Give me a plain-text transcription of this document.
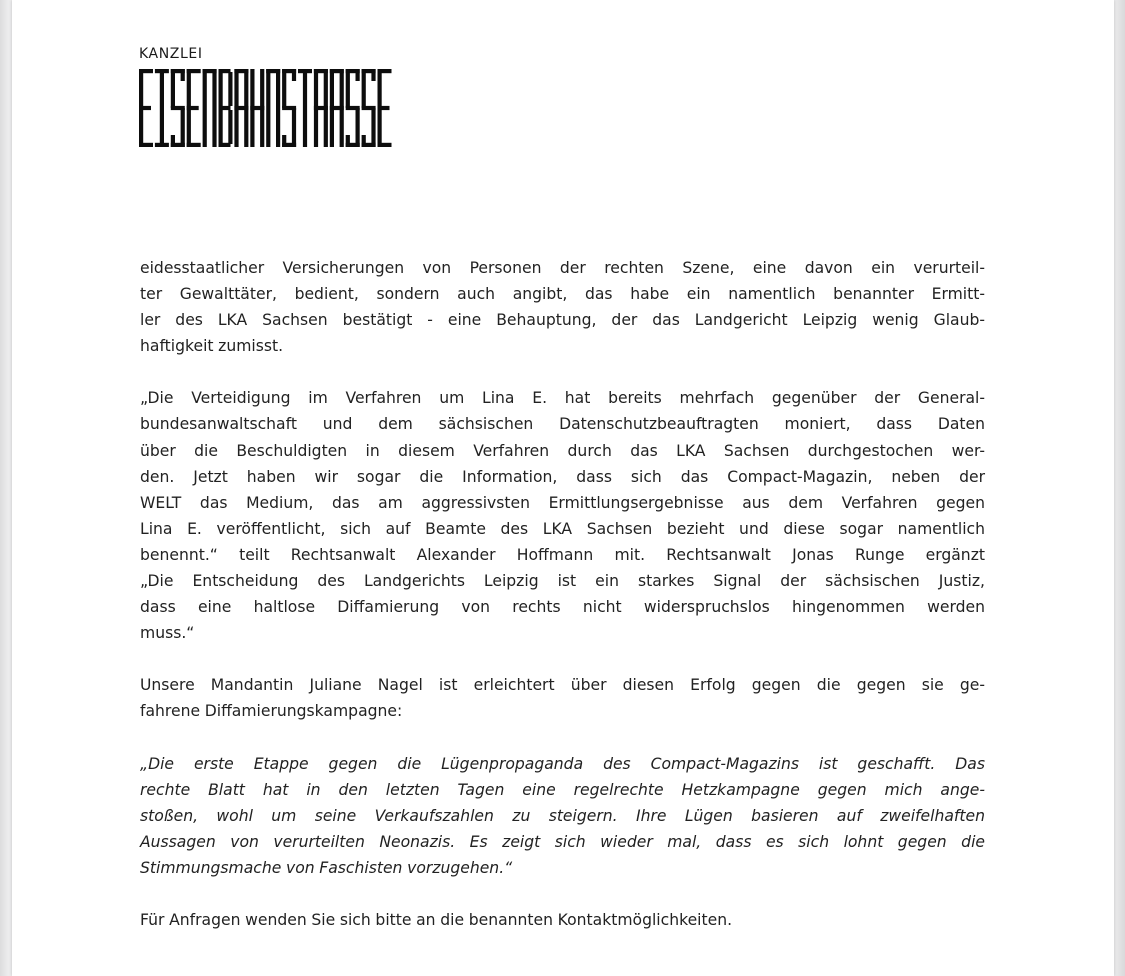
KANZLEI
eidesstaatlicher Versicherungen von Personen der rechten Szene, eine davon ein verurteil-
ter Gewalttäter, bedient, sondern auch angibt, das habe ein namentlich benannter Ermitt-
ler des LKA Sachsen bestätigt - eine Behauptung, der das Landgericht Leipzig wenig Glaub-
haftigkeit zumisst.
„Die Verteidigung im Verfahren um Lina E. hat bereits mehrfach gegenüber der General-
bundesanwaltschaft und dem sächsischen Datenschutzbeauftragten moniert, dass Daten
über die Beschuldigten in diesem Verfahren durch das LKA Sachsen durchgestochen wer-
den. Jetzt haben wir sogar die Information, dass sich das Compact-Magazin, neben der
WELT das Medium, das am aggressivsten Ermittlungsergebnisse aus dem Verfahren gegen
Lina E. veröffentlicht, sich auf Beamte des LKA Sachsen bezieht und diese sogar namentlich
benennt.“ teilt Rechtsanwalt Alexander Hoffmann mit. Rechtsanwalt Jonas Runge ergänzt
„Die Entscheidung des Landgerichts Leipzig ist ein starkes Signal der sächsischen Justiz,
dass eine haltlose Diffamierung von rechts nicht widerspruchslos hingenommen werden
muss.“
Unsere Mandantin Juliane Nagel ist erleichtert über diesen Erfolg gegen die gegen sie ge-
fahrene Diffamierungskampagne:
„Die erste Etappe gegen die Lügenpropaganda des Compact-Magazins ist geschafft. Das
rechte Blatt hat in den letzten Tagen eine regelrechte Hetzkampagne gegen mich ange-
stoßen, wohl um seine Verkaufszahlen zu steigern. Ihre Lügen basieren auf zweifelhaften
Aussagen von verurteilten Neonazis. Es zeigt sich wieder mal, dass es sich lohnt gegen die
Stimmungsmache von Faschisten vorzugehen.“
Für Anfragen wenden Sie sich bitte an die benannten Kontaktmöglichkeiten.
